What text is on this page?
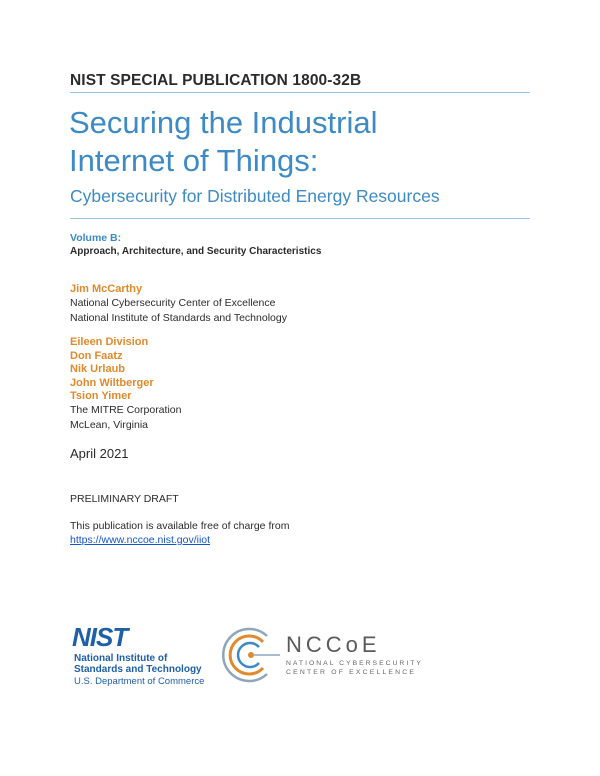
NIST SPECIAL PUBLICATION 1800-32B
Securing the Industrial
Internet of Things:
Cybersecurity for Distributed Energy Resources
Volume B:
Approach, Architecture, and Security Characteristics
Jim McCarthy
National Cybersecurity Center of Excellence
National Institute of Standards and Technology
Eileen Division
Don Faatz
Nik Urlaub
John Wiltberger
Tsion Yimer
The MITRE Corporation
McLean, Virginia
April 2021
PRELIMINARY DRAFT
This publication is available free of charge from
https://www.nccoe.nist.gov/iiot
NIST
National Institute of
Standards and Technology
U.S. Department of Commerce
NCCoE
NATIONAL CYBERSECURITY
CENTER OF EXCELLENCE
